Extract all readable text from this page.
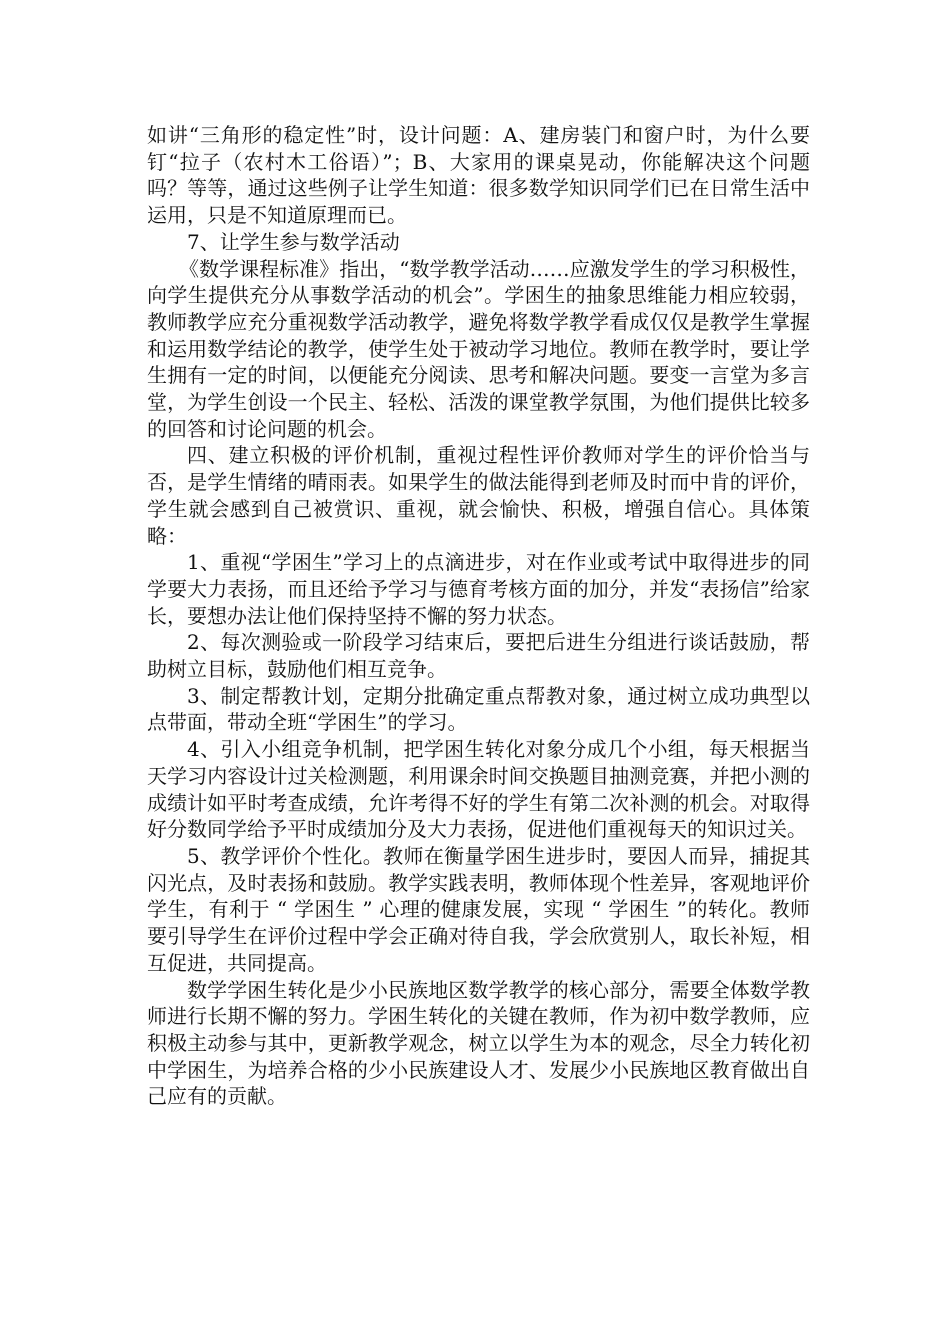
如讲“三角形的稳定性”时，设计问题：A、建房装门和窗户时，为什么要钉“拉子（农村木工俗语）”；B、大家用的课桌晃动，你能解决这个问题吗？等等，通过这些例子让学生知道：很多数学知识同学们已在日常生活中运用，只是不知道原理而已。

7、让学生参与数学活动

《数学课程标准》指出，“数学教学活动……应激发学生的学习积极性，向学生提供充分从事数学活动的机会”。学困生的抽象思维能力相应较弱，教师教学应充分重视数学活动教学，避免将数学教学看成仅仅是教学生掌握和运用数学结论的教学，使学生处于被动学习地位。教师在教学时，要让学生拥有一定的时间，以便能充分阅读、思考和解决问题。要变一言堂为多言堂，为学生创设一个民主、轻松、活泼的课堂教学氛围，为他们提供比较多的回答和讨论问题的机会。

四、建立积极的评价机制，重视过程性评价教师对学生的评价恰当与否，是学生情绪的晴雨表。如果学生的做法能得到老师及时而中肯的评价，学生就会感到自己被赏识、重视，就会愉快、积极，增强自信心。具体策略：

1、重视“学困生”学习上的点滴进步，对在作业或考试中取得进步的同学要大力表扬，而且还给予学习与德育考核方面的加分，并发“表扬信”给家长，要想办法让他们保持坚持不懈的努力状态。

2、每次测验或一阶段学习结束后，要把后进生分组进行谈话鼓励，帮助树立目标，鼓励他们相互竞争。

3、制定帮教计划，定期分批确定重点帮教对象，通过树立成功典型以点带面，带动全班“学困生”的学习。

4、引入小组竞争机制，把学困生转化对象分成几个小组，每天根据当天学习内容设计过关检测题，利用课余时间交换题目抽测竞赛，并把小测的成绩计如平时考查成绩，允许考得不好的学生有第二次补测的机会。对取得好分数同学给予平时成绩加分及大力表扬，促进他们重视每天的知识过关。

5、教学评价个性化。教师在衡量学困生进步时，要因人而异，捕捉其闪光点，及时表扬和鼓励。教学实践表明，教师体现个性差异，客观地评价学生，有利于 “ 学困生 ” 心理的健康发展，实现 “ 学困生 ”的转化。教师要引导学生在评价过程中学会正确对待自我，学会欣赏别人，取长补短，相互促进，共同提高。

数学学困生转化是少小民族地区数学教学的核心部分，需要全体数学教师进行长期不懈的努力。学困生转化的关键在教师，作为初中数学教师，应积极主动参与其中，更新教学观念，树立以学生为本的观念，尽全力转化初中学困生，为培养合格的少小民族建设人才、发展少小民族地区教育做出自己应有的贡献。
